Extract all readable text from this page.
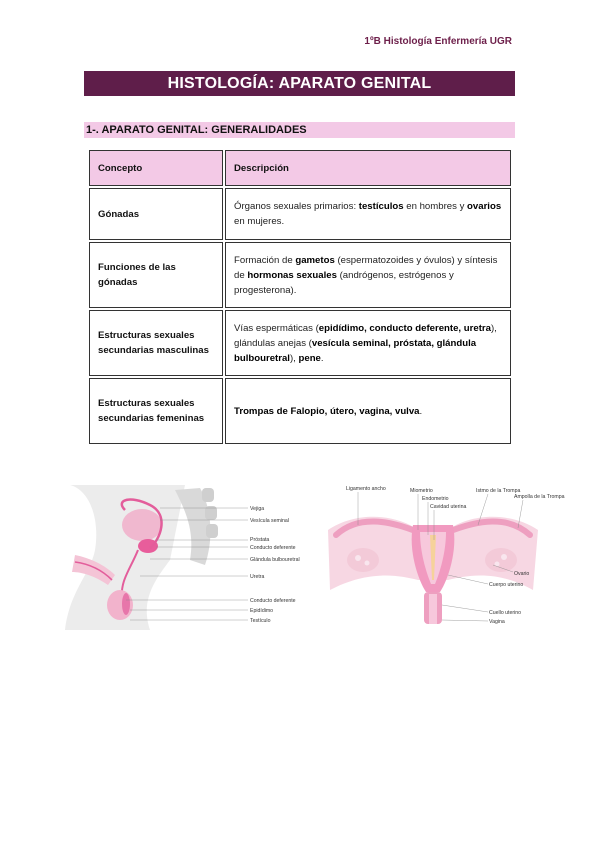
1ºB Histología Enfermería UGR
HISTOLOGÍA: APARATO GENITAL
1-. APARATO GENITAL: GENERALIDADES
Concepto	Descripción
Gónadas	Órganos sexuales primarios: testículos en hombres y ovarios en mujeres.
Funciones de las gónadas	Formación de gametos (espermatozoides y óvulos) y síntesis de hormonas sexuales (andrógenos, estrógenos y progesterona).
Estructuras sexuales secundarias masculinas	Vías espermáticas (epidídimo, conducto deferente, uretra), glándulas anejas (vesícula seminal, próstata, glándula bulbouretral), pene.
Estructuras sexuales secundarias femeninas	Trompas de Falopio, útero, vagina, vulva.
Vejiga
Vesícula seminal
Próstata
Conducto deferente
Glándula bulbouretral
Uretra
Conducto deferente
Epidídimo
Testículo
Ligamento ancho	Miometrio
Endometrio
Cavidad uterina
Istmo de la Trompa
Ampolla de la Trompa
Ovario
Cuerpo uterino
Cuello uterino
Vagina
